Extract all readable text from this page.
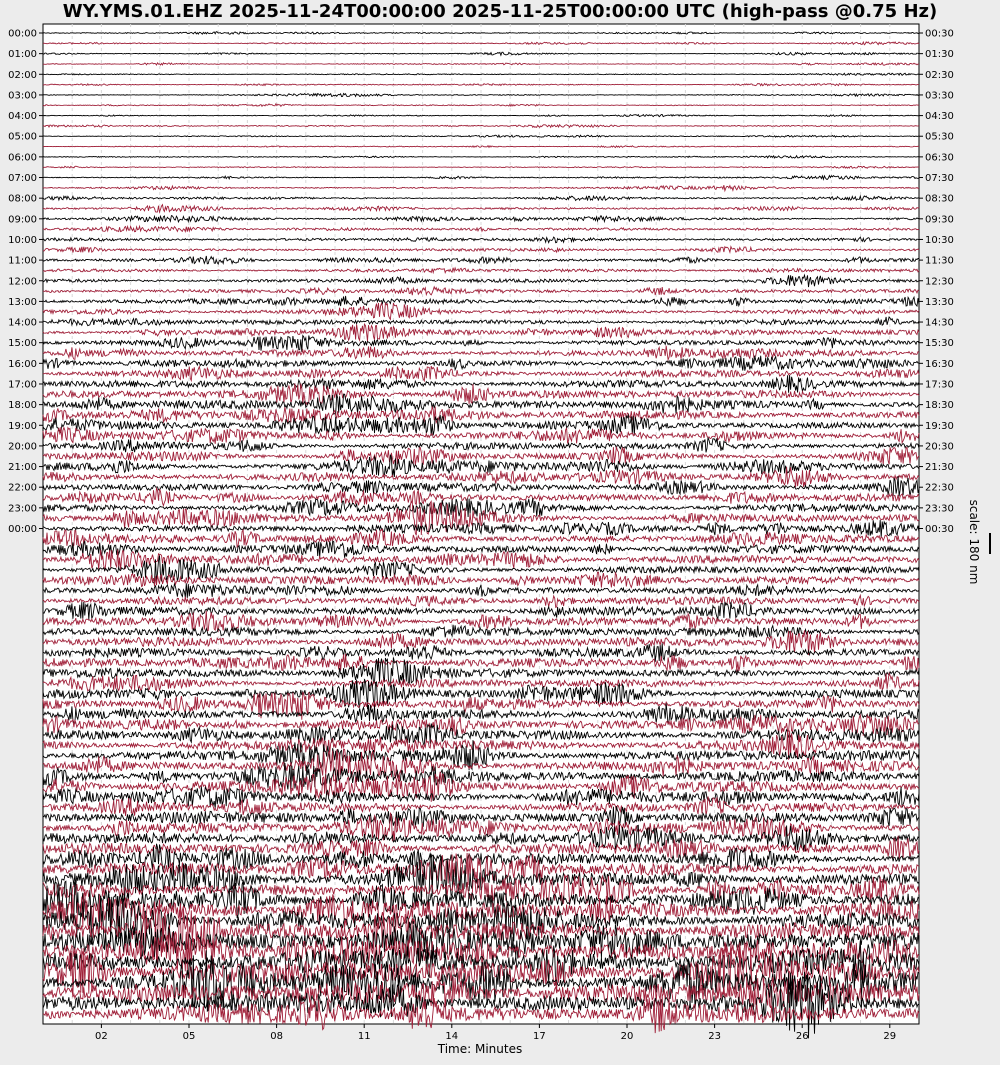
WY.YMS.01.EHZ 2025-11-24T00:00:00 2025-11-25T00:00:00 UTC (high-pass @0.75 Hz)
00:00
01:00
02:00
03:00
04:00
05:00
06:00
07:00
08:00
09:00
10:00
11:00
12:00
13:00
14:00
15:00
16:00
17:00
18:00
19:00
20:00
21:00
22:00
23:00
00:00
00:30
01:30
02:30
03:30
04:30
05:30
06:30
07:30
08:30
09:30
10:30
11:30
12:30
13:30
14:30
15:30
16:30
17:30
18:30
19:30
20:30
21:30
22:30
23:30
00:30
02	05	08	11	14	17	20	23	26	29
scale: 180 nm
Time: Minutes
